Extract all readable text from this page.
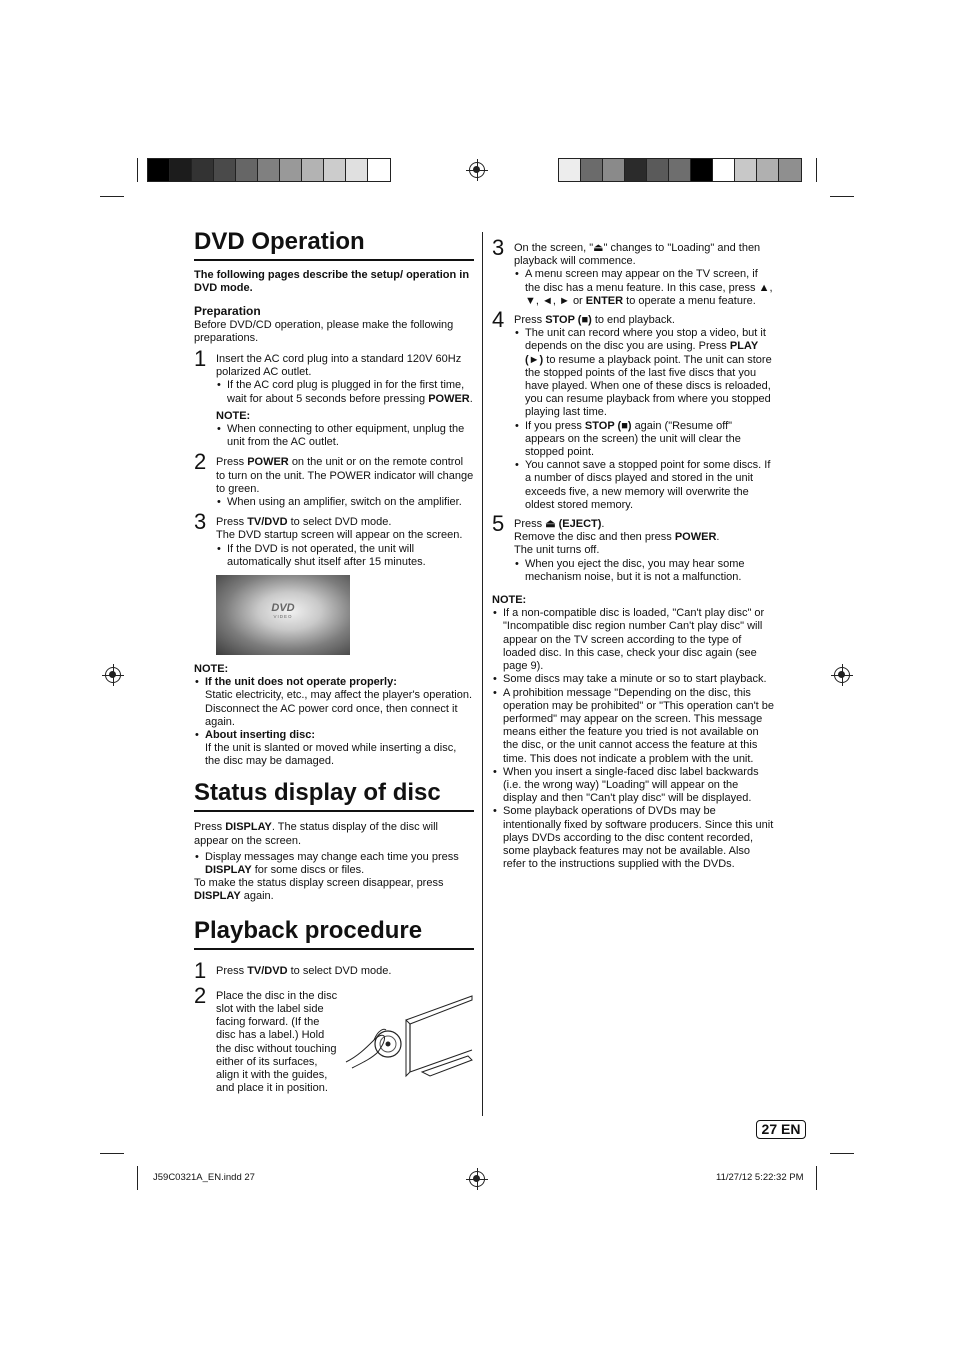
DVD Operation
The following pages describe the setup/ operation in DVD mode.
Preparation
Before DVD/CD operation, please make the following preparations.
1 Insert the AC cord plug into a standard 120V 60Hz polarized AC outlet.
• If the AC cord plug is plugged in for the first time, wait for about 5 seconds before pressing POWER.
NOTE:
• When connecting to other equipment, unplug the unit from the AC outlet.
2 Press POWER on the unit or on the remote control to turn on the unit. The POWER indicator will change to green.
• When using an amplifier, switch on the amplifier.
3 Press TV/DVD to select DVD mode.
The DVD startup screen will appear on the screen.
• If the DVD is not operated, the unit will automatically shut itself after 15 minutes.
DVD
VIDEO
NOTE:
• If the unit does not operate properly:
Static electricity, etc., may affect the player's operation. Disconnect the AC power cord once, then connect it again.
• About inserting disc:
If the unit is slanted or moved while inserting a disc, the disc may be damaged.
Status display of disc
Press DISPLAY. The status display of the disc will appear on the screen.
• Display messages may change each time you press DISPLAY for some discs or files.
To make the status display screen disappear, press DISPLAY again.
Playback procedure
1 Press TV/DVD to select DVD mode.
2 Place the disc in the disc slot with the label side facing forward. (If the disc has a label.) Hold the disc without touching either of its surfaces, align it with the guides, and place it in position.
3 On the screen, "⏏" changes to "Loading" and then playback will commence.
• A menu screen may appear on the TV screen, if the disc has a menu feature. In this case, press ▲, ▼, ◄, ► or ENTER to operate a menu feature.
4 Press STOP (■) to end playback.
• The unit can record where you stop a video, but it depends on the disc you are using. Press PLAY (►) to resume a playback point. The unit can store the stopped points of the last five discs that you have played. When one of these discs is reloaded, you can resume playback from where you stopped playing last time.
• If you press STOP (■) again ("Resume off" appears on the screen) the unit will clear the stopped point.
• You cannot save a stopped point for some discs. If a number of discs played and stored in the unit exceeds five, a new memory will overwrite the oldest stored memory.
5 Press ⏏ (EJECT).
Remove the disc and then press POWER.
The unit turns off.
• When you eject the disc, you may hear some mechanism noise, but it is not a malfunction.
NOTE:
• If a non-compatible disc is loaded, "Can't play disc" or "Incompatible disc region number Can't play disc" will appear on the TV screen according to the type of loaded disc. In this case, check your disc again (see page 9).
• Some discs may take a minute or so to start playback.
• A prohibition message "Depending on the disc, this operation may be prohibited" or "This operation can't be performed" may appear on the screen. This message means either the feature you tried is not available on the disc, or the unit cannot access the feature at this time. This does not indicate a problem with the unit.
• When you insert a single-faced disc label backwards (i.e. the wrong way) "Loading" will appear on the display and then "Can't play disc" will be displayed.
• Some playback operations of DVDs may be intentionally fixed by software producers. Since this unit plays DVDs according to the disc content recorded, some playback features may not be available. Also refer to the instructions supplied with the DVDs.
27 EN
J59C0321A_EN.indd 27	11/27/12 5:22:32 PM
